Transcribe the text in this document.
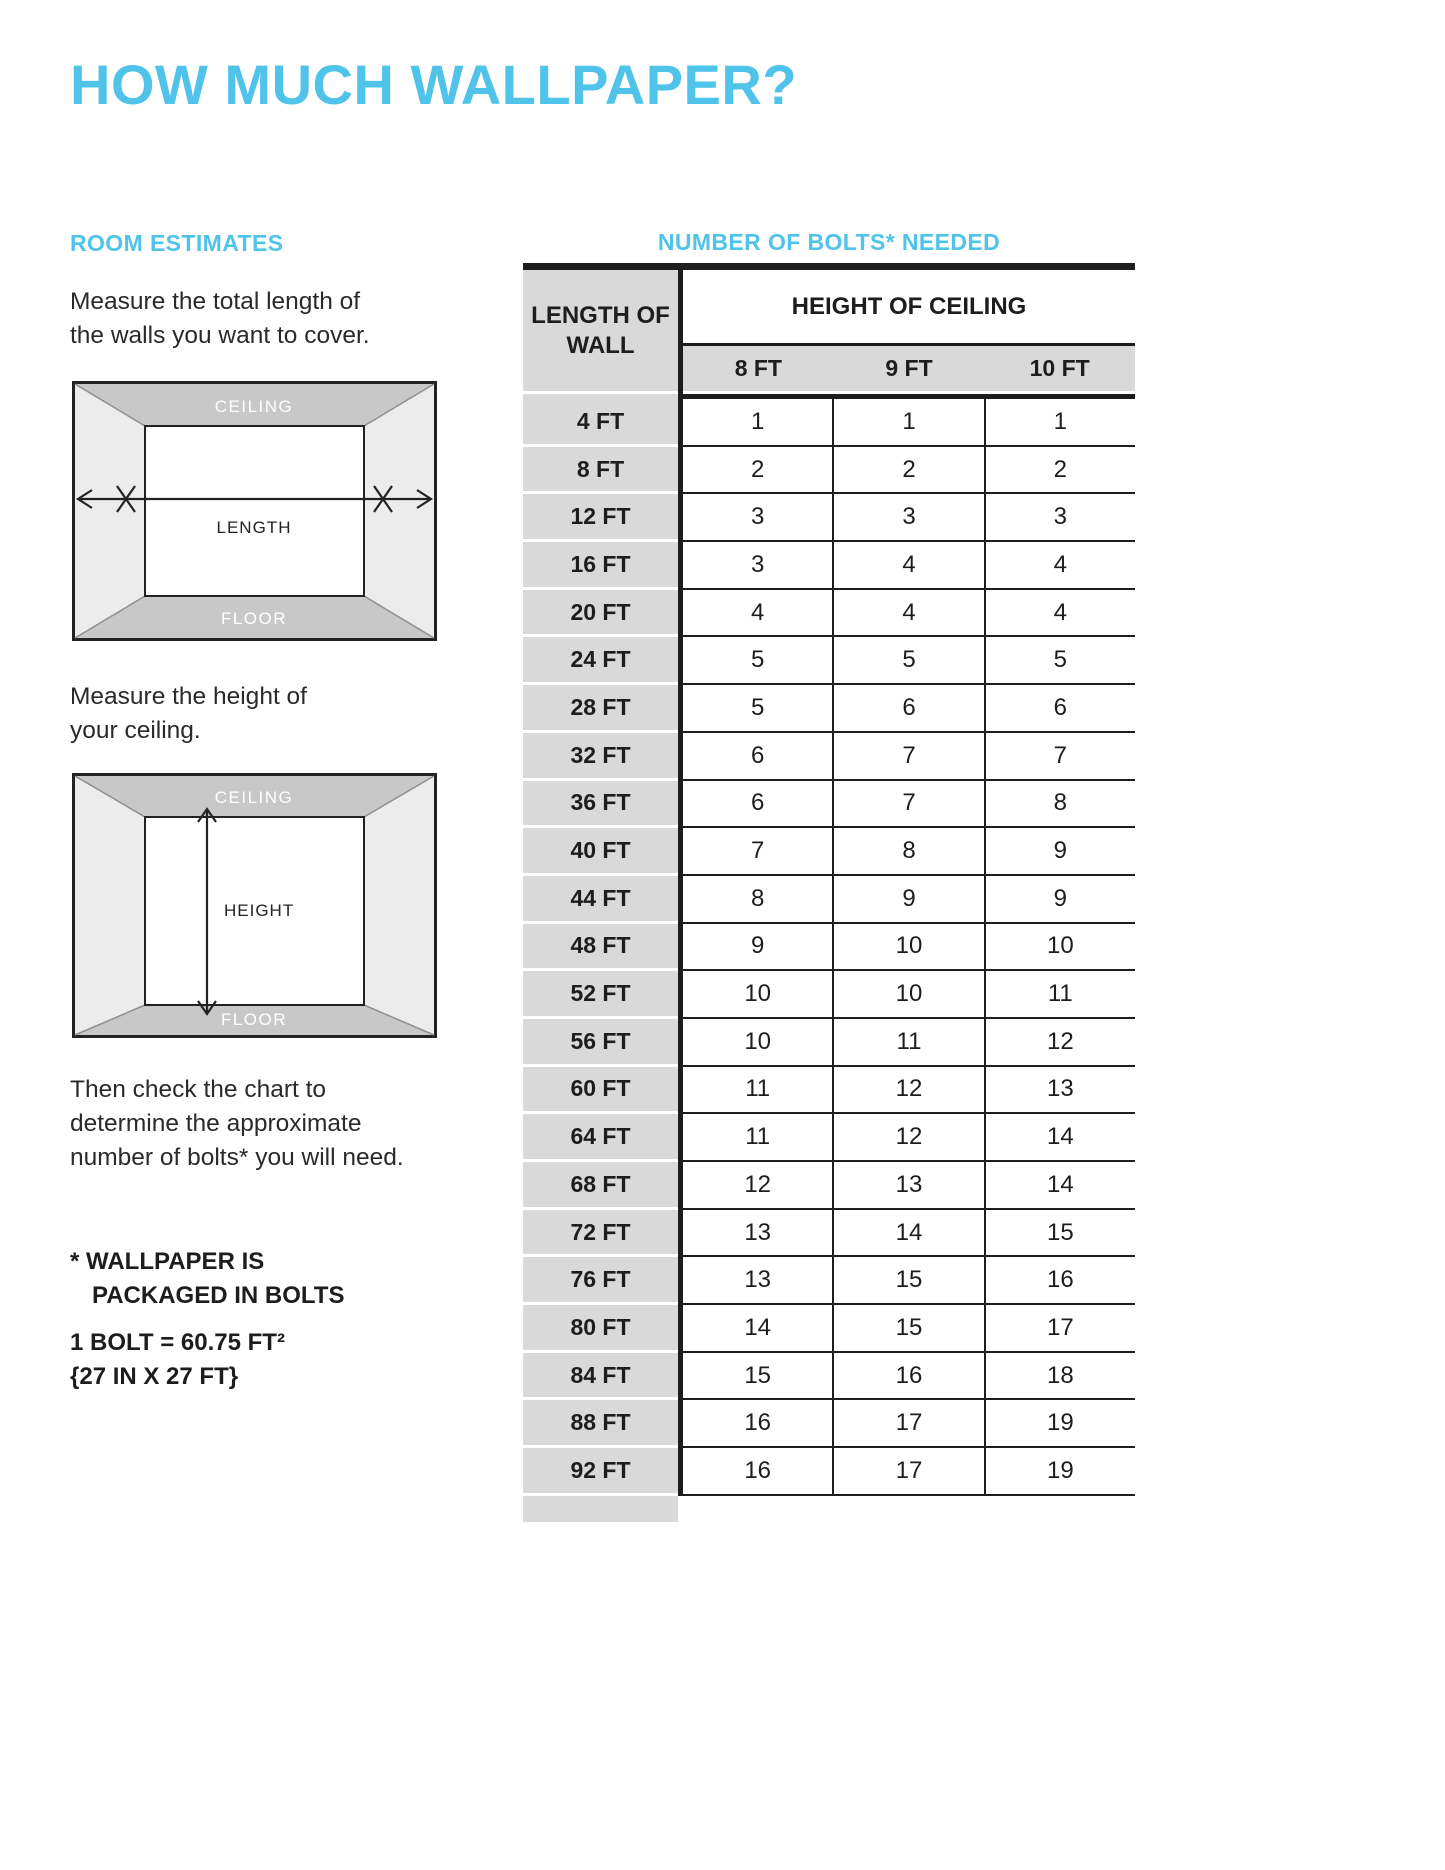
HOW MUCH WALLPAPER?
ROOM ESTIMATES
Measure the total length of
the walls you want to cover.
CEILING
FLOOR
LENGTH
Measure the height of
your ceiling.
CEILING
FLOOR
HEIGHT
Then check the chart to
determine the approximate
number of bolts* you will need.
* WALLPAPER IS
PACKAGED IN BOLTS
1 BOLT = 60.75 FT²
{27 IN X 27 FT}
NUMBER OF BOLTS* NEEDED
LENGTH OF WALL
HEIGHT OF CEILING
8 FT	9 FT	10 FT
4 FT	1	1	1
8 FT	2	2	2
12 FT	3	3	3
16 FT	3	4	4
20 FT	4	4	4
24 FT	5	5	5
28 FT	5	6	6
32 FT	6	7	7
36 FT	6	7	8
40 FT	7	8	9
44 FT	8	9	9
48 FT	9	10	10
52 FT	10	10	11
56 FT	10	11	12
60 FT	11	12	13
64 FT	11	12	14
68 FT	12	13	14
72 FT	13	14	15
76 FT	13	15	16
80 FT	14	15	17
84 FT	15	16	18
88 FT	16	17	19
92 FT	16	17	19
